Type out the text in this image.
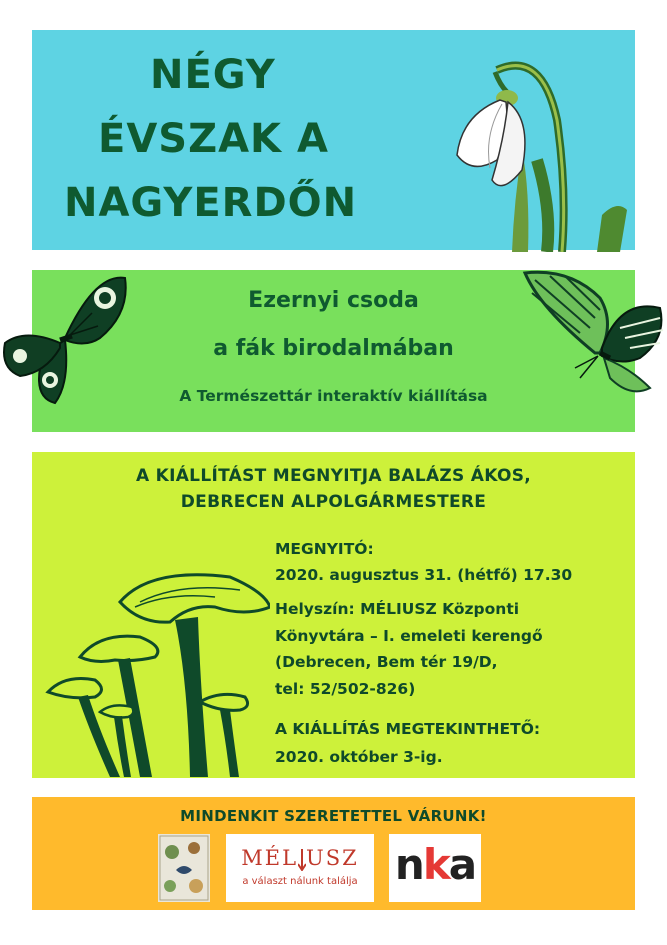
NÉGY
ÉVSZAK A
NAGYERDŐN
Ezernyi csoda
a fák birodalmában
A Természettár interaktív kiállítása
A KIÁLLÍTÁST MEGNYITJA BALÁZS ÁKOS,
DEBRECEN ALPOLGÁRMESTERE
MEGNYITÓ:
2020. augusztus 31. (hétfő) 17.30
Helyszín: MÉLIUSZ Központi
Könyvtára – I. emeleti kerengő
(Debrecen, Bem tér 19/D,
tel: 52/502-826)
A KIÁLLÍTÁS MEGTEKINTHETŐ:
2020. október 3-ig.
MINDENKIT SZERETETTEL VÁRUNK!
MÉL USZ
a választ nálunk találja nka
